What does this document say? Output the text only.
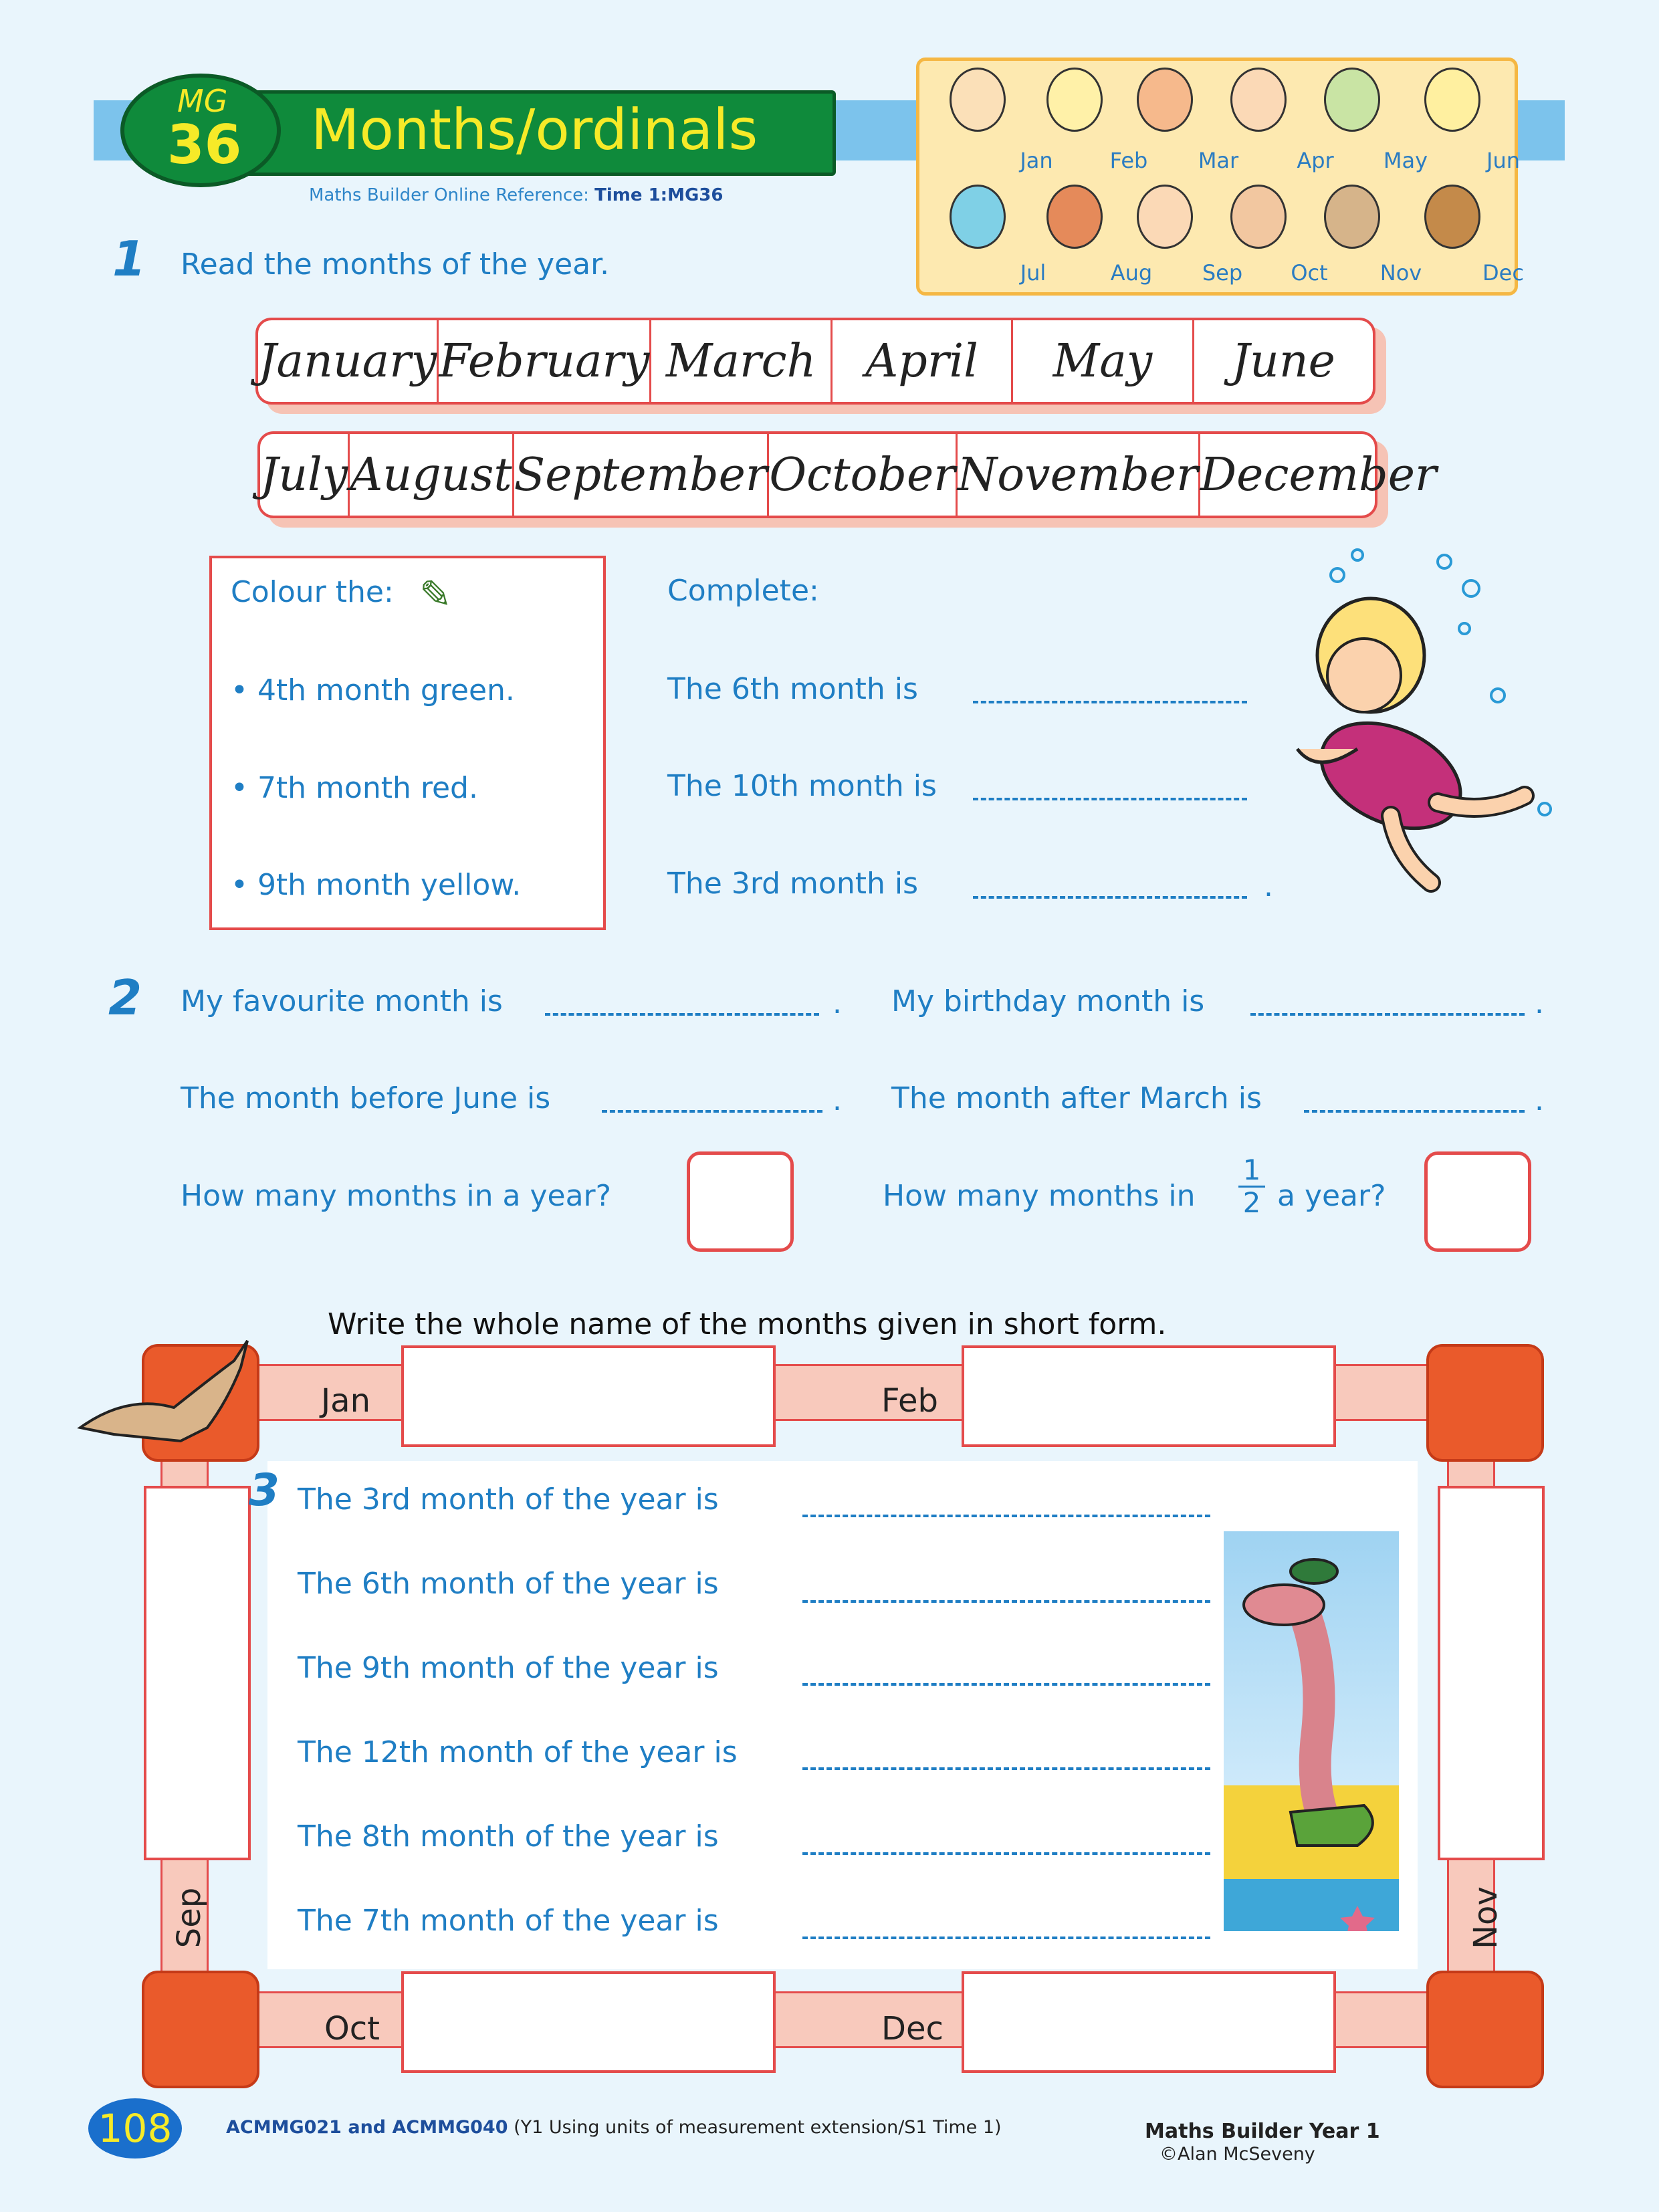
Months/ordinals
MG
36
Maths Builder Online Reference: Time 1:MG36
Jan	Feb	Mar	Apr	May	Jun
Jul	Aug	Sep	Oct	Nov	Dec
1 Read the months of the year.
January February March	April	May	June
July August September October November December
Colour the: ✎
• 4th month green.
• 7th month red.
• 9th month yellow.
Complete:
The 6th month is
The 10th month is
The 3rd month is	.
2 My favourite month is	. My birthday month is	.
The month before June is	. The month after March is	.
How many months in a year?	How many months in $\frac{1}{2}$ a year?
Write the whole name of the months given in short form.
Jan	Feb
Oct	Dec
Sep	Nov
3 The 3rd month of the year is
The 6th month of the year is
The 9th month of the year is
The 12th month of the year is
The 8th month of the year is
The 7th month of the year is
108	ACMMG021 and ACMMG040 (Y1 Using units of measurement extension/S1 Time 1)	Maths Builder Year 1
©Alan McSeveny
